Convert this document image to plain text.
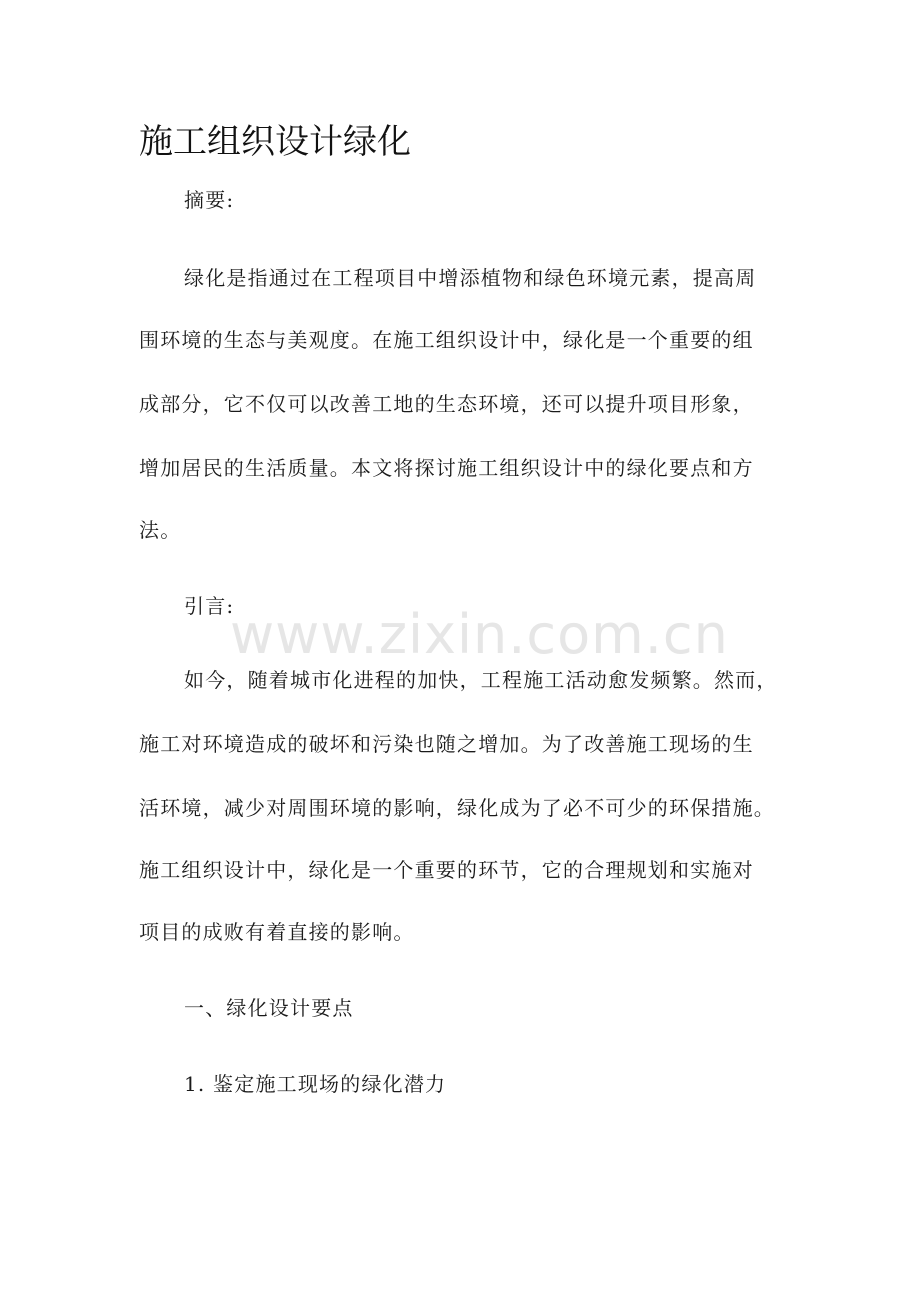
施工组织设计绿化
www.zixin.com.cn
摘要:
绿化是指通过在工程项目中增添植物和绿色环境元素，提高周
围环境的生态与美观度。在施工组织设计中，绿化是一个重要的组
成部分，它不仅可以改善工地的生态环境，还可以提升项目形象，
增加居民的生活质量。本文将探讨施工组织设计中的绿化要点和方
法。
引言:
如今，随着城市化进程的加快，工程施工活动愈发频繁。然而，
施工对环境造成的破坏和污染也随之增加。为了改善施工现场的生
活环境，减少对周围环境的影响，绿化成为了必不可少的环保措施。
施工组织设计中，绿化是一个重要的环节，它的合理规划和实施对
项目的成败有着直接的影响。
一、绿化设计要点
1. 鉴定施工现场的绿化潜力
